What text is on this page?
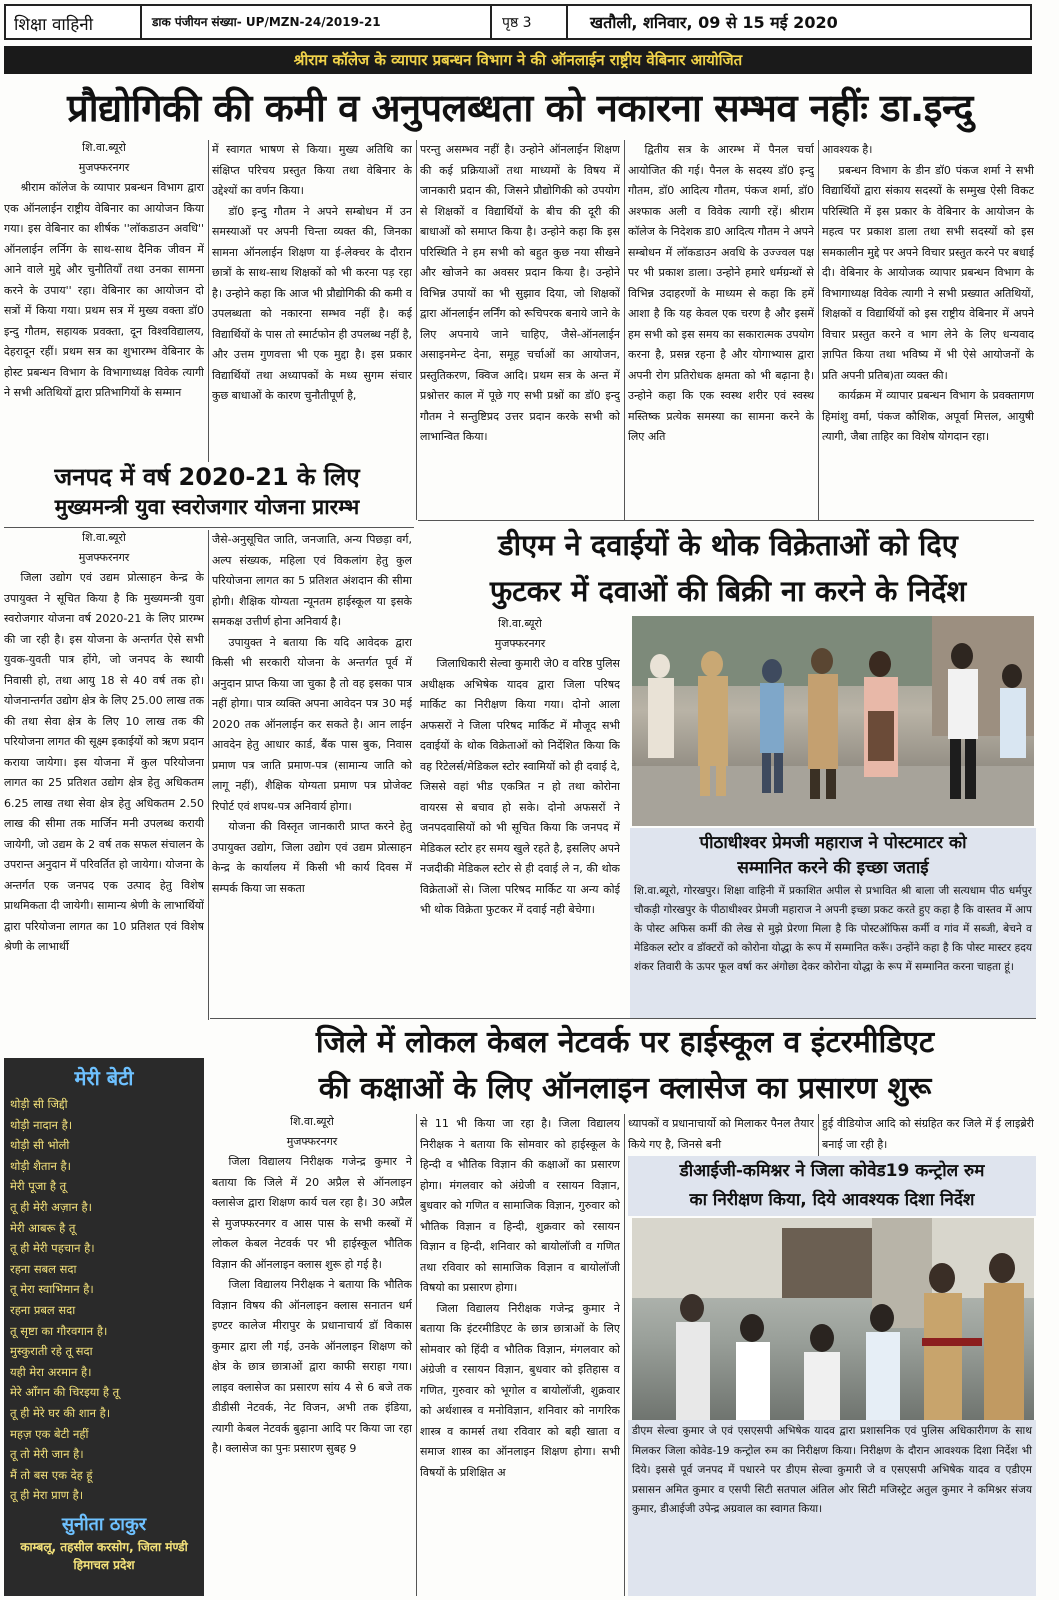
शिक्षा वाहिनी	डाक पंजीयन संख्या- UP/MZN-24/2019-21	पृष्ठ 3	खतौली, शनिवार, 09 से 15 मई 2020
श्रीराम कॉलेज के व्यापार प्रबन्धन विभाग ने की ऑनलाईन राष्ट्रीय वेबिनार आयोजित
प्रौद्योगिकी की कमी व अनुपलब्धता को नकारना सम्भव नहींः डा.इन्दु
शि.वा.ब्यूरो
मुजफ्फरनगर

श्रीराम कॉलेज के व्यापार प्रबन्धन विभाग द्वारा एक ऑनलाईन राष्ट्रीय वेबिनार का आयोजन किया गया। इस वेबिनार का शीर्षक ''लॉकडाउन अवधि'' ऑनलाईन लर्निग के साथ-साथ दैनिक जीवन में आने वाले मुद्दे और चुनौतियॉं तथा उनका सामना करने के उपाय'' रहा। वेबिनार का आयोजन दो सत्रों में किया गया। प्रथम सत्र में मुख्य वक्ता डॉ0 इन्दु गौतम, सहायक प्रवक्ता, दून विश्वविद्यालय, देहरादून रहीं। प्रथम सत्र का शुभारम्भ वेबिनार के होस्ट प्रबन्धन विभाग के विभागाध्यक्ष विवेक त्यागी ने सभी अतिथियों द्वारा प्रतिभागियों के सम्मान

में स्वागत भाषण से किया। मुख्य अतिथि का संक्षिप्त परिचय प्रस्तुत किया तथा वेबिनार के उद्देश्यों का वर्णन किया।

डॉ0 इन्दु गौतम ने अपने सम्बोधन में उन समस्याओं पर अपनी चिन्ता व्यक्त की, जिनका सामना ऑनलाईन शिक्षण या ई-लेक्चर के दौरान छात्रों के साथ-साथ शिक्षकों को भी करना पड़ रहा है। उन्होने कहा कि आज भी प्रौद्योगिकी की कमी व उपलब्धता को नकारना सम्भव नहीं है। कई विद्यार्थियों के पास तो स्मार्टफोन ही उपलब्ध नहीं है, और उत्तम गुणवत्ता भी एक मुद्दा है। इस प्रकार विद्यार्थियों तथा अध्यापकों के मध्य सुगम संचार कुछ बाधाओं के कारण चुनौतीपूर्ण है,

परन्तु असम्भव नहीं है। उन्होने ऑनलाईन शिक्षण की कई प्रक्रियाओं तथा माध्यमों के विषय में जानकारी प्रदान की, जिसने प्रौद्योगिकी को उपयोग से शिक्षकों व विद्यार्थियों के बीच की दूरी की बाधाओं को समाप्त किया है। उन्होने कहा कि इस परिस्थिति ने हम सभी को बहुत कुछ नया सीखने और खोजने का अवसर प्रदान किया है। उन्होने विभिन्न उपायों का भी सुझाव दिया, जो शिक्षकों द्वारा ऑनलाईन लर्निंग को रूचिपरक बनाये जाने के लिए अपनाये जाने चाहिए, जैसे-ऑनलाईन असाइनमेन्ट देना, समूह चर्चाओं का आयोजन, प्रस्तुतिकरण, क्विज आदि। प्रथम सत्र के अन्त में प्रश्नोत्तर काल में पूछे गए सभी प्रश्नों का डॉ0 इन्दु गौतम ने सन्तुष्टिप्रद उत्तर प्रदान करके सभी को लाभान्वित किया।

द्वितीय सत्र के आरम्भ में पैनल चर्चा आयोजित की गई। पैनल के सदस्य डॉ0 इन्दु गौतम, डॉ0 आदित्य गौतम, पंकज शर्मा, डॉ0 अश्फाक अली व विवेक त्यागी रहें। श्रीराम कॉलेज के निदेशक डा0 आदित्य गौतम ने अपने सम्बोधन में लॉकडाउन अवधि के उज्ज्वल पक्ष पर भी प्रकाश डाला। उन्होने हमारे धर्मग्रन्थों से विभिन्न उदाहरणों के माध्यम से कहा कि हमें आशा है कि यह केवल एक चरण है और इसमें हम सभी को इस समय का सकारात्मक उपयोग करना है, प्रसन्न रहना है और योगाभ्यास द्वारा अपनी रोग प्रतिरोधक क्षमता को भी बढ़ाना है। उन्होने कहा कि एक स्वस्थ शरीर एवं स्वस्थ मस्तिष्क प्रत्येक समस्या का सामना करने के लिए अति

आवश्यक है।

प्रबन्धन विभाग के डीन डॉ0 पंकज शर्मा ने सभी विद्यार्थियों द्वारा संकाय सदस्यों के सम्मुख ऐसी विकट परिस्थिति में इस प्रकार के वेबिनार के आयोजन के महत्व पर प्रकाश डाला तथा सभी सदस्यों को इस समकालीन मुद्दे पर अपने विचार प्रस्तुत करने पर बधाई दी। वेबिनार के आयोजक व्यापार प्रबन्धन विभाग के विभागाध्यक्ष विवेक त्यागी ने सभी प्रख्यात अतिथियों, शिक्षकों व विद्यार्थियों को इस राष्ट्रीय वेबिनार में अपने विचार प्रस्तुत करने व भाग लेने के लिए धन्यवाद ज्ञापित किया तथा भविष्य में भी ऐसे आयोजनों के प्रति अपनी प्रतिब)ता व्यक्त की।

कार्यक्रम में व्यापार प्रबन्धन विभाग के प्रवक्तागण हिमांशु वर्मा, पंकज कौशिक, अपूर्वा मित्तल, आयुषी त्यागी, जैबा ताहिर का विशेष योगदान रहा।

जनपद में वर्ष 2020-21 के लिए
मुख्यमन्त्री युवा स्वरोजगार योजना प्रारम्भ
शि.वा.ब्यूरो
मुजफ्फरनगर

जिला उद्योग एवं उद्यम प्रोत्साहन केन्द्र के उपायुक्त ने सूचित किया है कि मुख्यमन्त्री युवा स्वरोजगार योजना वर्ष 2020-21 के लिए प्रारम्भ की जा रही है। इस योजना के अन्तर्गत ऐसे सभी युवक-युवती पात्र होंगे, जो जनपद के स्थायी निवासी हो, तथा आयु 18 से 40 वर्ष तक हो। योजनान्तर्गत उद्योग क्षेत्र के लिए 25.00 लाख तक की तथा सेवा क्षेत्र के लिए 10 लाख तक की परियोजना लागत की सूक्ष्म इकाईयों को ऋण प्रदान कराया जायेगा। इस योजना में कुल परियोजना लागत का 25 प्रतिशत उद्योग क्षेत्र हेतु अधिकतम 6.25 लाख तथा सेवा क्षेत्र हेतु अधिकतम 2.50 लाख की सीमा तक मार्जिन मनी उपलब्ध करायी जायेगी, जो उद्यम के 2 वर्ष तक सफल संचालन के उपरान्त अनुदान में परिवर्तित हो जायेगा। योजना के अन्तर्गत एक जनपद एक उत्पाद हेतु विशेष प्राथमिकता दी जायेगी। सामान्य श्रेणी के लाभार्थियों द्वारा परियोजना लागत का 10 प्रतिशत एवं विशेष श्रेणी के लाभार्थी

जैसे-अनुसूचित जाति, जनजाति, अन्य पिछड़ा वर्ग, अल्प संख्यक, महिला एवं विकलांग हेतु कुल परियोजना लागत का 5 प्रतिशत अंशदान की सीमा होगी। शैक्षिक योग्यता न्यूनतम हाईस्कूल या इसके समकक्ष उत्तीर्ण होना अनिवार्य है।

उपायुक्त ने बताया कि यदि आवेदक द्वारा किसी भी सरकारी योजना के अन्तर्गत पूर्व में अनुदान प्राप्त किया जा चुका है तो वह इसका पात्र नहीं होगा। पात्र व्यक्ति अपना आवेदन पत्र 30 मई 2020 तक ऑनलाईन कर सकते है। आन लाईन आवदेन हेतु आधार कार्ड, बैंक पास बुक, निवास प्रमाण पत्र जाति प्रमाण-पत्र (सामान्य जाति को लागू नहीं), शैक्षिक योग्यता प्रमाण पत्र प्रोजेक्ट रिपोर्ट एवं शपथ-पत्र अनिवार्य होगा।

योजना की विस्तृत जानकारी प्राप्त करने हेतु उपायुक्त उद्योग, जिला उद्योग एवं उद्यम प्रोत्साहन केन्द्र के कार्यालय में किसी भी कार्य दिवस में सम्पर्क किया जा सकता

डीएम ने दवाईयों के थोक विक्रेताओं को दिए
फुटकर में दवाओं की बिक्री ना करने के निर्देश
शि.वा.ब्यूरो
मुजफ्फरनगर

जिलाधिकारी सेल्वा कुमारी जे0 व वरिष्ठ पुलिस अधीक्षक अभिषेक यादव द्वारा जिला परिषद मार्किट का निरीक्षण किया गया। दोनो आला अफसरों ने जिला परिषद मार्किट में मौजूद सभी दवाईयों के थोक विक्रेताओं को निर्देशित किया कि वह रिटेलर्स/मेडिकल स्टोर स्वामियों को ही दवाई दे, जिससे वहां भीड एकत्रित न हो तथा कोरोना वायरस से बचाव हो सके। दोनो अफसरों ने जनपदवासियों को भी सूचित किया कि जनपद में मेडिकल स्टोर हर समय खुले रहते है, इसलिए अपने नजदीकी मेडिकल स्टोर से ही दवाई ले न, की थोक विक्रेताओं से। जिला परिषद मार्किट या अन्य कोई भी थोक विक्रेता फुटकर में दवाई नही बेचेगा।

पीठाधीश्वर प्रेमजी महाराज ने पोस्टमाटर को
सम्मानित करने की इच्छा जताई

शि.वा.ब्यूरो, गोरखपुर। शिक्षा वाहिनी में प्रकाशित अपील से प्रभावित श्री बाला जी सत्यधाम पीठ धर्मपुर चौकड़ी गोरखपुर के पीठाधीश्वर प्रेमजी महाराज ने अपनी इच्छा प्रकट करते हुए कहा है कि वास्तव में आप के पोस्ट अफिस कर्मी की लेख से मुझे प्रेरणा मिला है कि पोस्टऑफिस कर्मी व गांव में सब्जी, बेचने व मेडिकल स्टोर व डॉक्टरों को कोरोना योद्धा के रूप में सम्मानित करूँ। उन्होंने कहा है कि पोस्ट मास्टर हदय शंकर तिवारी के ऊपर फूल वर्षा कर अंगोछा देकर कोरोना योद्धा के रूप में सम्मानित करना चाहता हूं।

मेरी बेटी
थोड़ी सी जिद्दी
थोड़ी नादान है।
थोड़ी सी भोली
थोड़ी शैतान है।
मेरी पूजा है तू
तू ही मेरी अज़ान है।
मेरी आबरू है तू
तू ही मेरी पहचान है।
रहना सबल सदा
तू मेरा स्वाभिमान है।
रहना प्रबल सदा
तू सृष्टा का गौरवगान है।
मुस्कुराती रहे तू सदा
यही मेरा अरमान है।
मेरे आँगन की चिरइया है तू
तू ही मेरे घर की शान है।
महज़ एक बेटी नहीं
तू तो मेरी जान है।
मैं तो बस एक देह हूं
तू ही मेरा प्राण है।
सुनीता ठाकुर
काम्बलू, तहसील करसोग, जिला मंण्डी हिमाचल प्रदेश
जिले में लोकल केबल नेटवर्क पर हाईस्कूल व इंटरमीडिएट
की कक्षाओं के लिए ऑनलाइन क्लासेज का प्रसारण शुरू
शि.वा.ब्यूरो
मुजफ्फरनगर

जिला विद्यालय निरीक्षक गजेन्द्र कुमार ने बताया कि जिले में 20 अप्रैल से ऑनलाइन क्लासेज द्वारा शिक्षण कार्य चल रहा है। 30 अप्रैल से मुजफ्फरनगर व आस पास के सभी कस्बों में लोकल केबल नेटवर्क पर भी हाईस्कूल भौतिक विज्ञान की ऑनलाइन क्लास शुरू हो गई है।

जिला विद्यालय निरीक्षक ने बताया कि भौतिक विज्ञान विषय की ऑनलाइन क्लास सनातन धर्म इण्टर कालेज मीरापुर के प्रधानाचार्य डॉ विकास कुमार द्वारा ली गई, उनके ऑनलाइन शिक्षण को क्षेत्र के छात्र छात्राओं द्वारा काफी सराहा गया। लाइव क्लासेज का प्रसारण सांय 4 से 6 बजे तक डीडीसी नेटवर्क, नेट विजन, अभी तक इंडिया, त्यागी केबल नेटवर्क बुढ़ाना आदि पर किया जा रहा है। क्लासेज का पुनः प्रसारण सुबह 9

से 11 भी किया जा रहा है। जिला विद्यालय निरीक्षक ने बताया कि सोमवार को हाईस्कूल के हिन्दी व भौतिक विज्ञान की कक्षाओं का प्रसारण होगा। मंगलवार को अंग्रेजी व रसायन विज्ञान, बुधवार को गणित व सामाजिक विज्ञान, गुरुवार को भौतिक विज्ञान व हिन्दी, शुक्रवार को रसायन विज्ञान व हिन्दी, शनिवार को बायोलॉजी व गणित तथा रविवार को सामाजिक विज्ञान व बायोलॉजी विषयो का प्रसारण होगा।

जिला विद्यालय निरीक्षक गजेन्द्र कुमार ने बताया कि इंटरमीडिएट के छात्र छात्राओं के लिए सोमवार को हिंदी व भौतिक विज्ञान, मंगलवार को अंग्रेजी व रसायन विज्ञान, बुधवार को इतिहास व गणित, गुरुवार को भूगोल व बायोलॉजी, शुक्रवार को अर्थशास्त्र व मनोविज्ञान, शनिवार को नागरिक शास्त्र व कामर्स तथा रविवार को बही खाता व समाज शास्त्र का ऑनलाइन शिक्षण होगा। सभी विषयों के प्रशिक्षित अ

ध्यापकों व प्रधानाचार्यो को मिलाकर पैनल तैयार किये गए है, जिनसे बनी

हुई वीडियोज आदि को संग्रहित कर जिले में ई लाइब्रेरी बनाई जा रही है।

डीआईजी-कमिश्नर ने जिला कोवेड19 कन्ट्रोल रुम
का निरीक्षण किया, दिये आवश्यक दिशा निर्देश

डीएम सेल्वा कुमार जे एवं एसएसपी अभिषेक यादव द्वारा प्रशासनिक एवं पुलिस अधिकारीगण के साथ मिलकर जिला कोवेड-19 कन्ट्रोल रुम का निरीक्षण किया। निरीक्षण के दौरान आवश्यक दिशा निर्देश भी दिये। इससे पूर्व जनपद में पधारने पर डीएम सेल्वा कुमारी जे व एसएसपी अभिषेक यादव व एडीएम प्रसासन अमित कुमार व एसपी सिटी सतपाल अंतिल ओर सिटी मजिस्ट्रेट अतुल कुमार ने कमिश्नर संजय कुमार, डीआईजी उपेन्द्र अग्रवाल का स्वागत किया।
